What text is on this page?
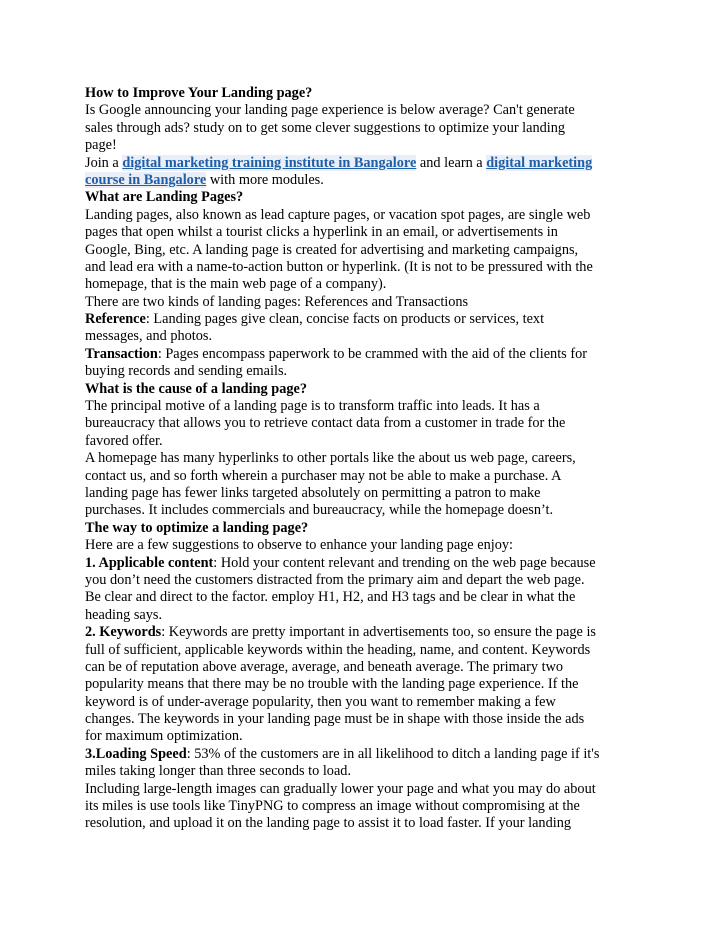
How to Improve Your Landing page?
Is Google announcing your landing page experience is below average? Can't generate
sales through ads? study on to get some clever suggestions to optimize your landing
page!
Join a digital marketing training institute in Bangalore and learn a digital marketing
course in Bangalore with more modules.
What are Landing Pages?
Landing pages, also known as lead capture pages, or vacation spot pages, are single web
pages that open whilst a tourist clicks a hyperlink in an email, or advertisements in
Google, Bing, etc. A landing page is created for advertising and marketing campaigns,
and lead era with a name-to-action button or hyperlink. (It is not to be pressured with the
homepage, that is the main web page of a company).
There are two kinds of landing pages: References and Transactions
Reference: Landing pages give clean, concise facts on products or services, text
messages, and photos.
Transaction: Pages encompass paperwork to be crammed with the aid of the clients for
buying records and sending emails.
What is the cause of a landing page?
The principal motive of a landing page is to transform traffic into leads. It has a
bureaucracy that allows you to retrieve contact data from a customer in trade for the
favored offer.
A homepage has many hyperlinks to other portals like the about us web page, careers,
contact us, and so forth wherein a purchaser may not be able to make a purchase. A
landing page has fewer links targeted absolutely on permitting a patron to make
purchases. It includes commercials and bureaucracy, while the homepage doesn’t.
The way to optimize a landing page?
Here are a few suggestions to observe to enhance your landing page enjoy:
1. Applicable content: Hold your content relevant and trending on the web page because
you don’t need the customers distracted from the primary aim and depart the web page.
Be clear and direct to the factor. employ H1, H2, and H3 tags and be clear in what the
heading says.
2. Keywords: Keywords are pretty important in advertisements too, so ensure the page is
full of sufficient, applicable keywords within the heading, name, and content. Keywords
can be of reputation above average, average, and beneath average. The primary two
popularity means that there may be no trouble with the landing page experience. If the
keyword is of under-average popularity, then you want to remember making a few
changes. The keywords in your landing page must be in shape with those inside the ads
for maximum optimization.
3.Loading Speed: 53% of the customers are in all likelihood to ditch a landing page if it's
miles taking longer than three seconds to load.
Including large-length images can gradually lower your page and what you may do about
its miles is use tools like TinyPNG to compress an image without compromising at the
resolution, and upload it on the landing page to assist it to load faster. If your landing
